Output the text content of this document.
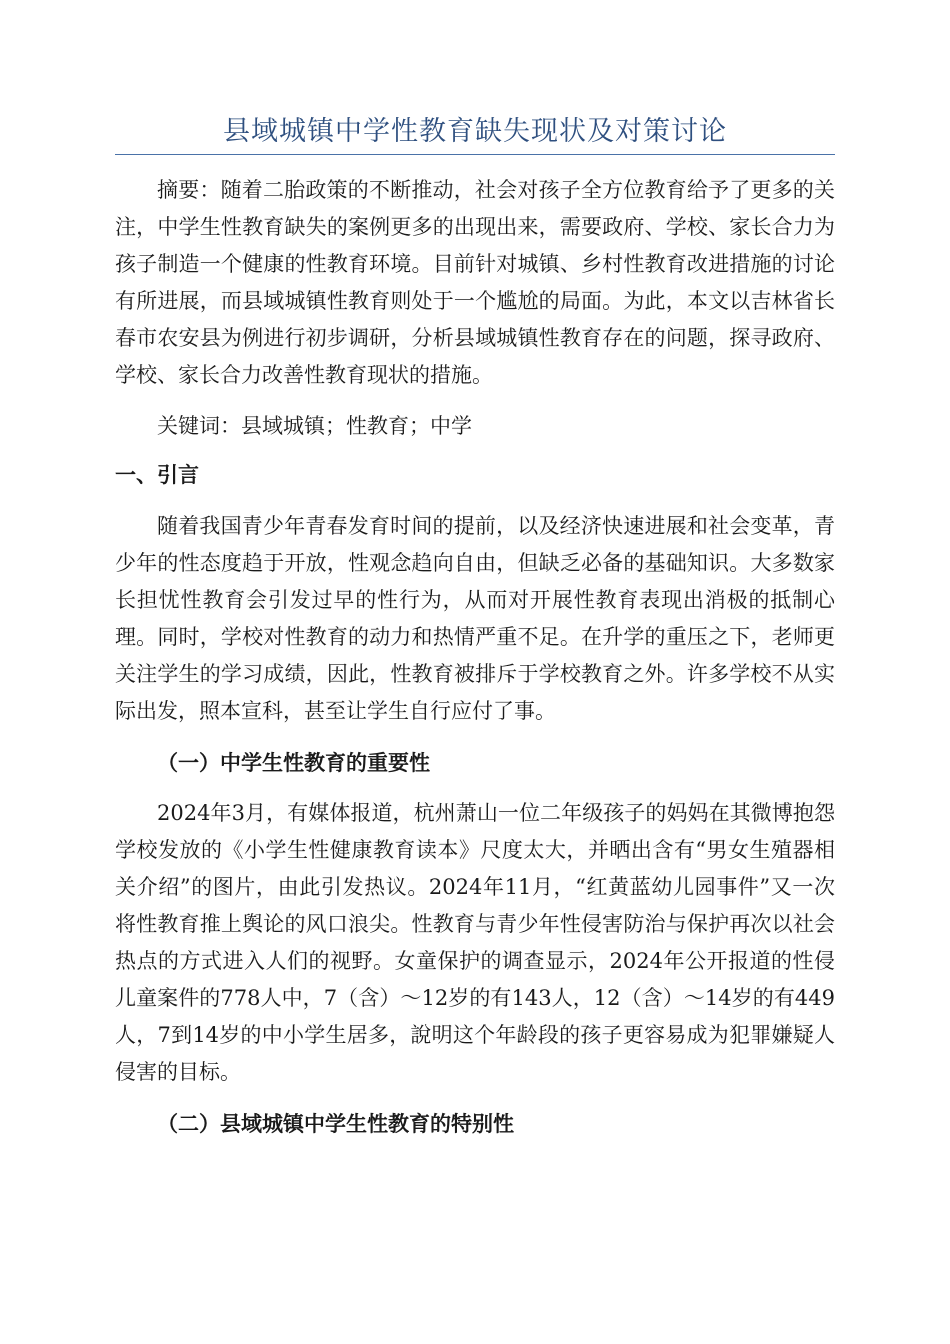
县域城镇中学性教育缺失现状及对策讨论

摘要：随着二胎政策的不断推动，社会对孩子全方位教育给予了更多的关注，中学生性教育缺失的案例更多的出现出来，需要政府、学校、家长合力为孩子制造一个健康的性教育环境。目前针对城镇、乡村性教育改进措施的讨论有所进展，而县域城镇性教育则处于一个尴尬的局面。为此，本文以吉林省长春市农安县为例进行初步调研，分析县域城镇性教育存在的问题，探寻政府、学校、家长合力改善性教育现状的措施。

关键词：县域城镇；性教育；中学

一、引言

随着我国青少年青春发育时间的提前，以及经济快速进展和社会变革，青少年的性态度趋于开放，性观念趋向自由，但缺乏必备的基础知识。大多数家长担忧性教育会引发过早的性行为，从而对开展性教育表现出消极的抵制心理。同时，学校对性教育的动力和热情严重不足。在升学的重压之下，老师更关注学生的学习成绩，因此，性教育被排斥于学校教育之外。许多学校不从实际出发，照本宣科，甚至让学生自行应付了事。

（一）中学生性教育的重要性

2024年3月，有媒体报道，杭州萧山一位二年级孩子的妈妈在其微博抱怨学校发放的《小学生性健康教育读本》尺度太大，并晒出含有“男女生殖器相关介绍”的图片，由此引发热议。2024年11月，“红黄蓝幼儿园事件”又一次将性教育推上舆论的风口浪尖。性教育与青少年性侵害防治与保护再次以社会热点的方式进入人们的视野。女童保护的调查显示，2024年公开报道的性侵儿童案件的778人中，7（含）～12岁的有143人，12（含）～14岁的有449人，7到14岁的中小学生居多，說明这个年龄段的孩子更容易成为犯罪嫌疑人侵害的目标。

（二）县域城镇中学生性教育的特别性
